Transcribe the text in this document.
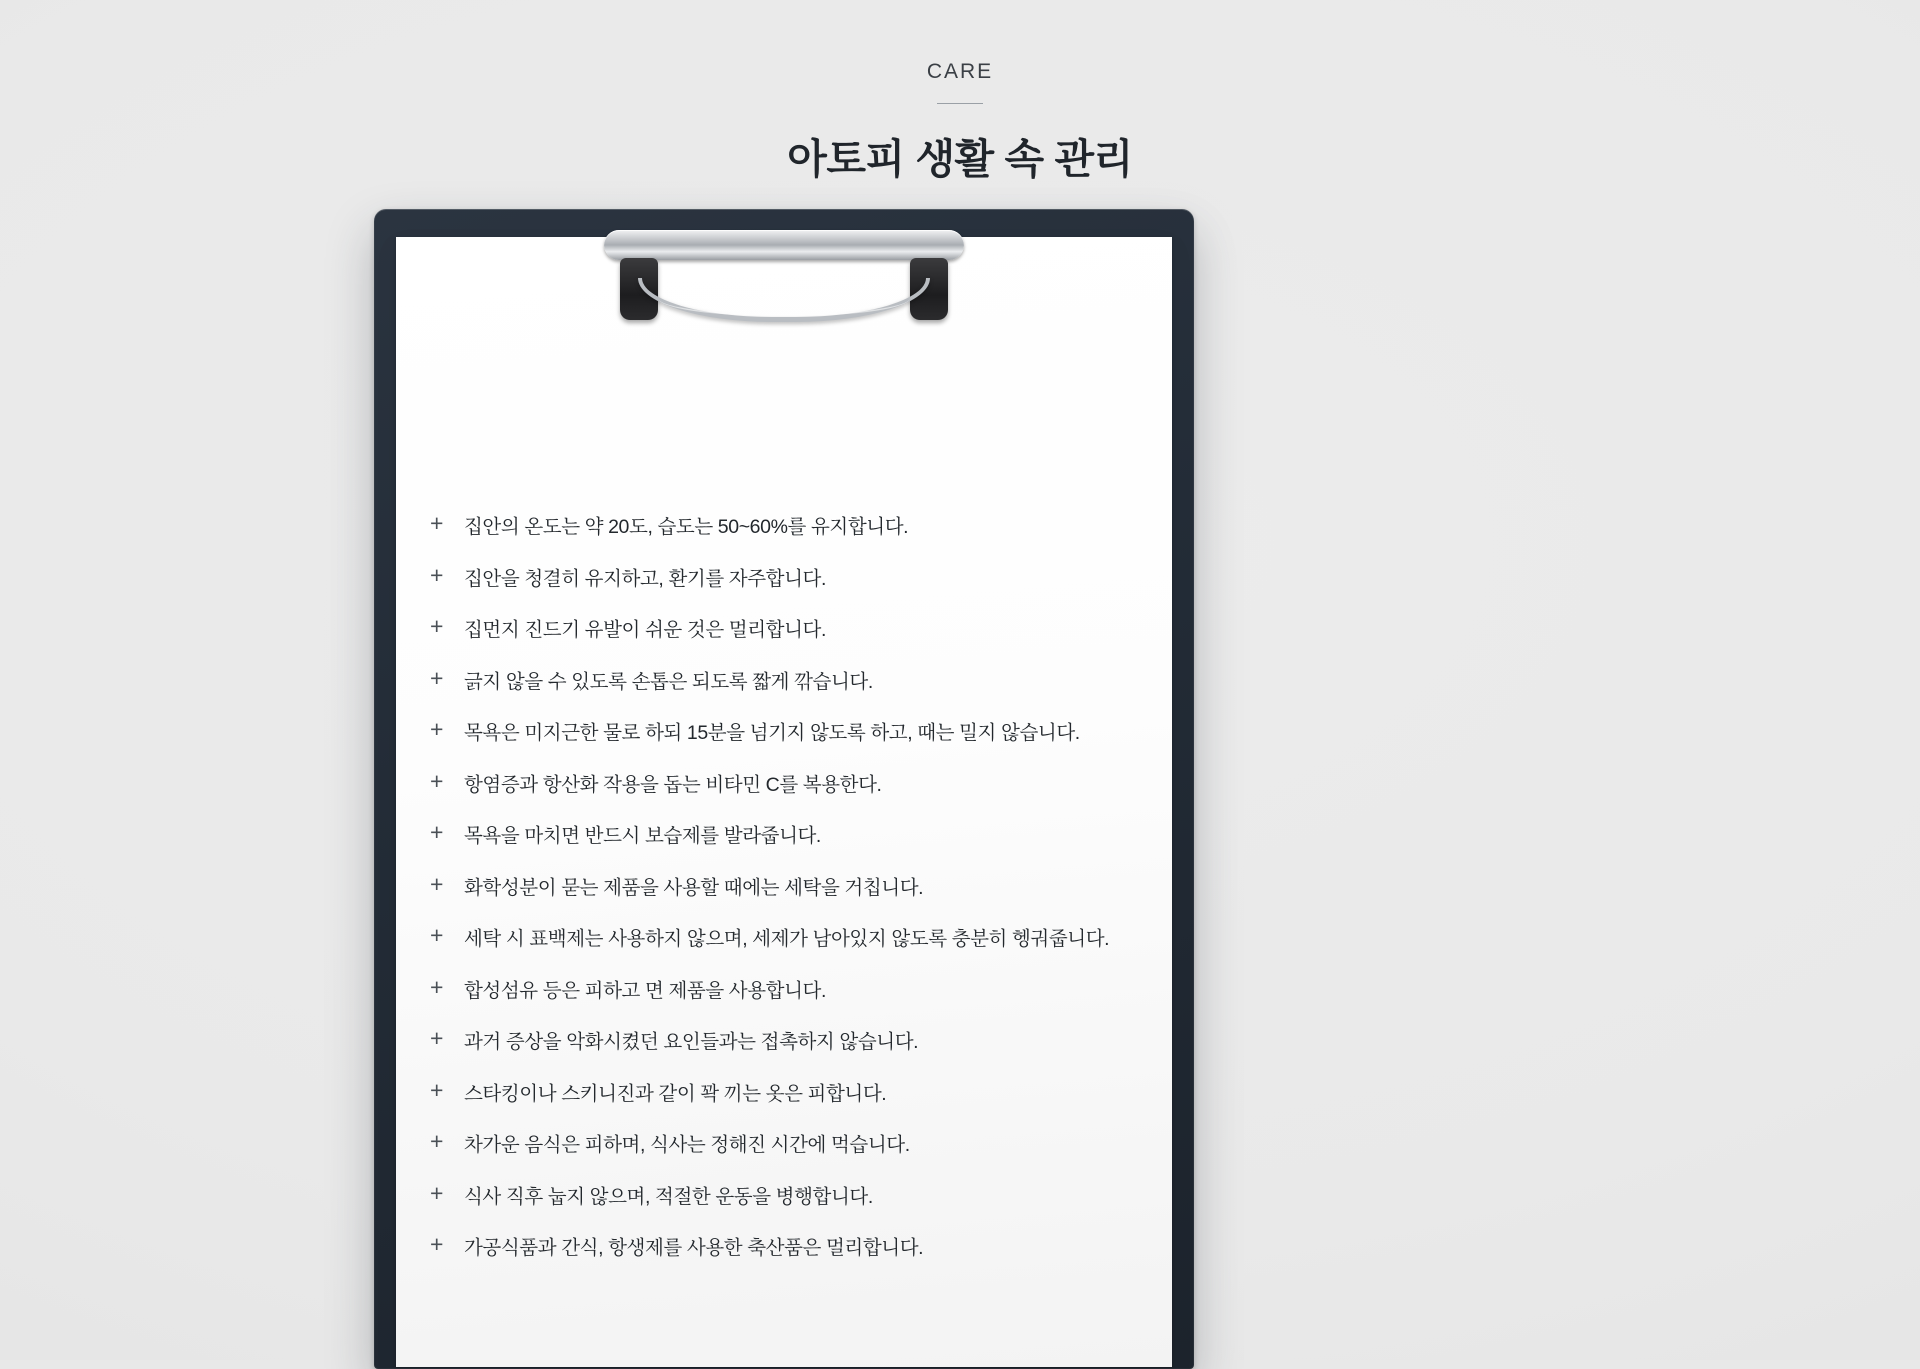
CARE
아토피 생활 속 관리
+	집안의 온도는 약 20도, 습도는 50~60%를 유지합니다.
+	집안을 청결히 유지하고, 환기를 자주합니다.
+	집먼지 진드기 유발이 쉬운 것은 멀리합니다.
+	긁지 않을 수 있도록 손톱은 되도록 짧게 깎습니다.
+	목욕은 미지근한 물로 하되 15분을 넘기지 않도록 하고, 때는 밀지 않습니다.
+	항염증과 항산화 작용을 돕는 비타민 C를 복용한다.
+	목욕을 마치면 반드시 보습제를 발라줍니다.
+	화학성분이 묻는 제품을 사용할 때에는 세탁을 거칩니다.
+	세탁 시 표백제는 사용하지 않으며, 세제가 남아있지 않도록 충분히 헹궈줍니다.
+	합성섬유 등은 피하고 면 제품을 사용합니다.
+	과거 증상을 악화시켰던 요인들과는 접촉하지 않습니다.
+	스타킹이나 스키니진과 같이 꽉 끼는 옷은 피합니다.
+	차가운 음식은 피하며, 식사는 정해진 시간에 먹습니다.
+	식사 직후 눕지 않으며, 적절한 운동을 병행합니다.
+	가공식품과 간식, 항생제를 사용한 축산품은 멀리합니다.
